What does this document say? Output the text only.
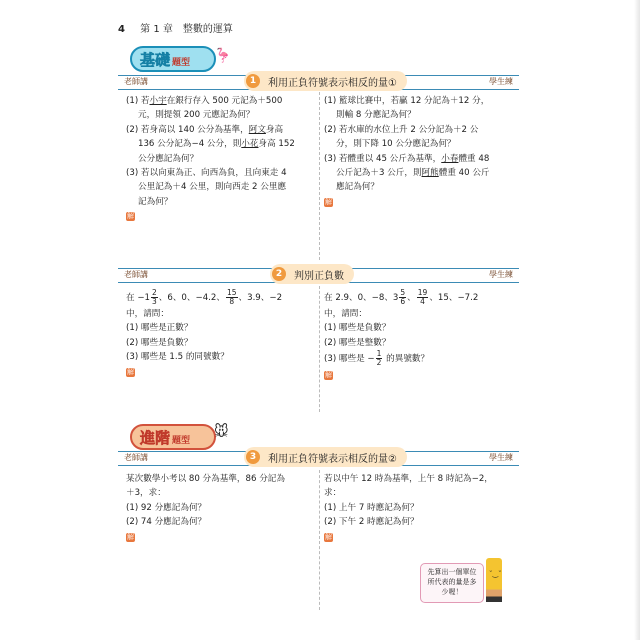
4 第 1 章　整數的運算
基礎 題型 🦩
老師講	1	利用正負符號表示相反的量①	學生練
(1) 若小宇在銀行存入 500 元記為＋500
元，則提領 200 元應記為何？
(2) 若身高以 140 公分為基準，阿文身高
136 公分記為−4 公分，則小花身高 152
公分應記為何？
(3) 若以向東為正、向西為負，且向東走 4
公里記為＋4 公里，則向西走 2 公里應
記為何？
解
(1) 籃球比賽中，若贏 12 分記為＋12 分，
則輸 8 分應記為何？
(2) 若水庫的水位上升 2 公分記為＋2 公
分，則下降 10 公分應記為何？
(3) 若體重以 45 公斤為基準，小春體重 48
公斤記為＋3 公斤，則阿熊體重 40 公斤
應記為何？
解
老師講	2	判別正負數	學生練
在 $-1 \frac{2}{3}$ 、6、0、−4.2、 $\frac{15}{8}$ 、3.9、−2
中，請問：
(1) 哪些是正數？
(2) 哪些是負數？
(3) 哪些是 1.5 的同號數？
解
在 2.9、0、−8、$3 \frac{5}{6}$ 、 $\frac{19}{4}$ 、15、−7.2
中，請問：
(1) 哪些是負數？
(2) 哪些是整數？
(3) 哪些是 − $\frac{1}{2}$ 的異號數？
解
進階 題型
🐭
老師講	3	利用正負符號表示相反的量②	學生練
某次數學小考以 80 分為基準，86 分記為
＋3，求：
(1) 92 分應記為何？
(2) 74 分應記為何？
解
若以中午 12 時為基準，上午 8 時記為−2，
求：
(1) 上午 7 時應記為何？
(2) 下午 2 時應記為何？
解
先算出一個單位所代表的量是多少喔！
˘‿˘
